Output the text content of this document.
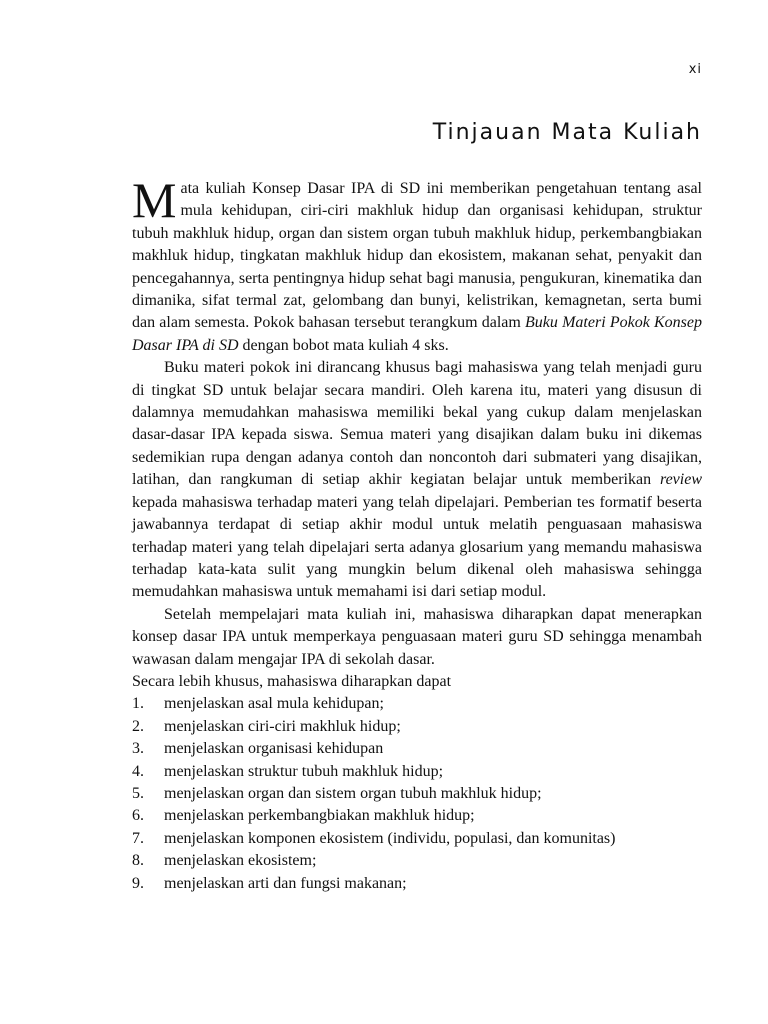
xi
Tinjauan Mata Kuliah

Mata kuliah Konsep Dasar IPA di SD ini memberikan pengetahuan tentang asal mula kehidupan, ciri-ciri makhluk hidup dan organisasi kehidupan, struktur tubuh makhluk hidup, organ dan sistem organ tubuh makhluk hidup, perkembangbiakan makhluk hidup, tingkatan makhluk hidup dan ekosistem, makanan sehat, penyakit dan pencegahannya, serta pentingnya hidup sehat bagi manusia, pengukuran, kinematika dan dimanika, sifat termal zat, gelombang dan bunyi, kelistrikan, kemagnetan, serta bumi dan alam semesta. Pokok bahasan tersebut terangkum dalam Buku Materi Pokok Konsep Dasar IPA di SD dengan bobot mata kuliah 4 sks.

Buku materi pokok ini dirancang khusus bagi mahasiswa yang telah menjadi guru di tingkat SD untuk belajar secara mandiri. Oleh karena itu, materi yang disusun di dalamnya memudahkan mahasiswa memiliki bekal yang cukup dalam menjelaskan dasar-dasar IPA kepada siswa. Semua materi yang disajikan dalam buku ini dikemas sedemikian rupa dengan adanya contoh dan noncontoh dari submateri yang disajikan, latihan, dan rangkuman di setiap akhir kegiatan belajar untuk memberikan review kepada mahasiswa terhadap materi yang telah dipelajari. Pemberian tes formatif beserta jawabannya terdapat di setiap akhir modul untuk melatih penguasaan mahasiswa terhadap materi yang telah dipelajari serta adanya glosarium yang memandu mahasiswa terhadap kata-kata sulit yang mungkin belum dikenal oleh mahasiswa sehingga memudahkan mahasiswa untuk memahami isi dari setiap modul.

Setelah mempelajari mata kuliah ini, mahasiswa diharapkan dapat menerapkan konsep dasar IPA untuk memperkaya penguasaan materi guru SD sehingga menambah wawasan dalam mengajar IPA di sekolah dasar.

Secara lebih khusus, mahasiswa diharapkan dapat

1.	menjelaskan asal mula kehidupan;
2.	menjelaskan ciri-ciri makhluk hidup;
3.	menjelaskan organisasi kehidupan
4.	menjelaskan struktur tubuh makhluk hidup;
5.	menjelaskan organ dan sistem organ tubuh makhluk hidup;
6.	menjelaskan perkembangbiakan makhluk hidup;
7.	menjelaskan komponen ekosistem (individu, populasi, dan komunitas)
8.	menjelaskan ekosistem;
9.	menjelaskan arti dan fungsi makanan;
